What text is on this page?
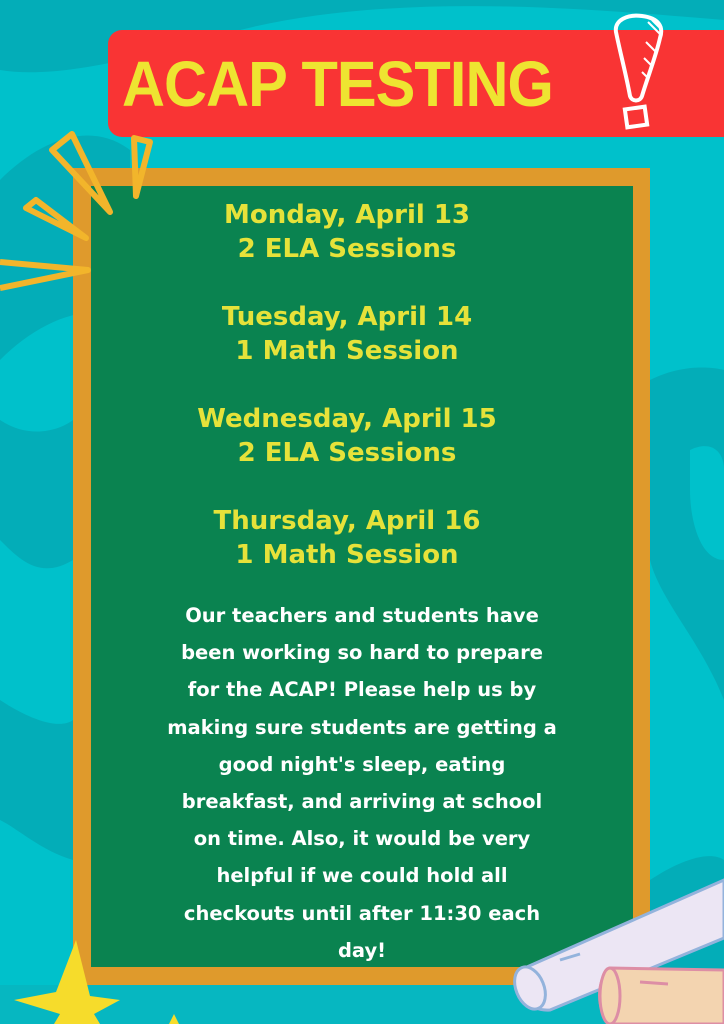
ACAP TESTING
Monday, April 13
2 ELA Sessions
Tuesday, April 14
1 Math Session
Wednesday, April 15
2 ELA Sessions
Thursday, April 16
1 Math Session

Our teachers and students have
been working so hard to prepare
for the ACAP! Please help us by
making sure students are getting a
good night's sleep, eating
breakfast, and arriving at school
on time. Also, it would be very
helpful if we could hold all
checkouts until after 11:30 each
day!
